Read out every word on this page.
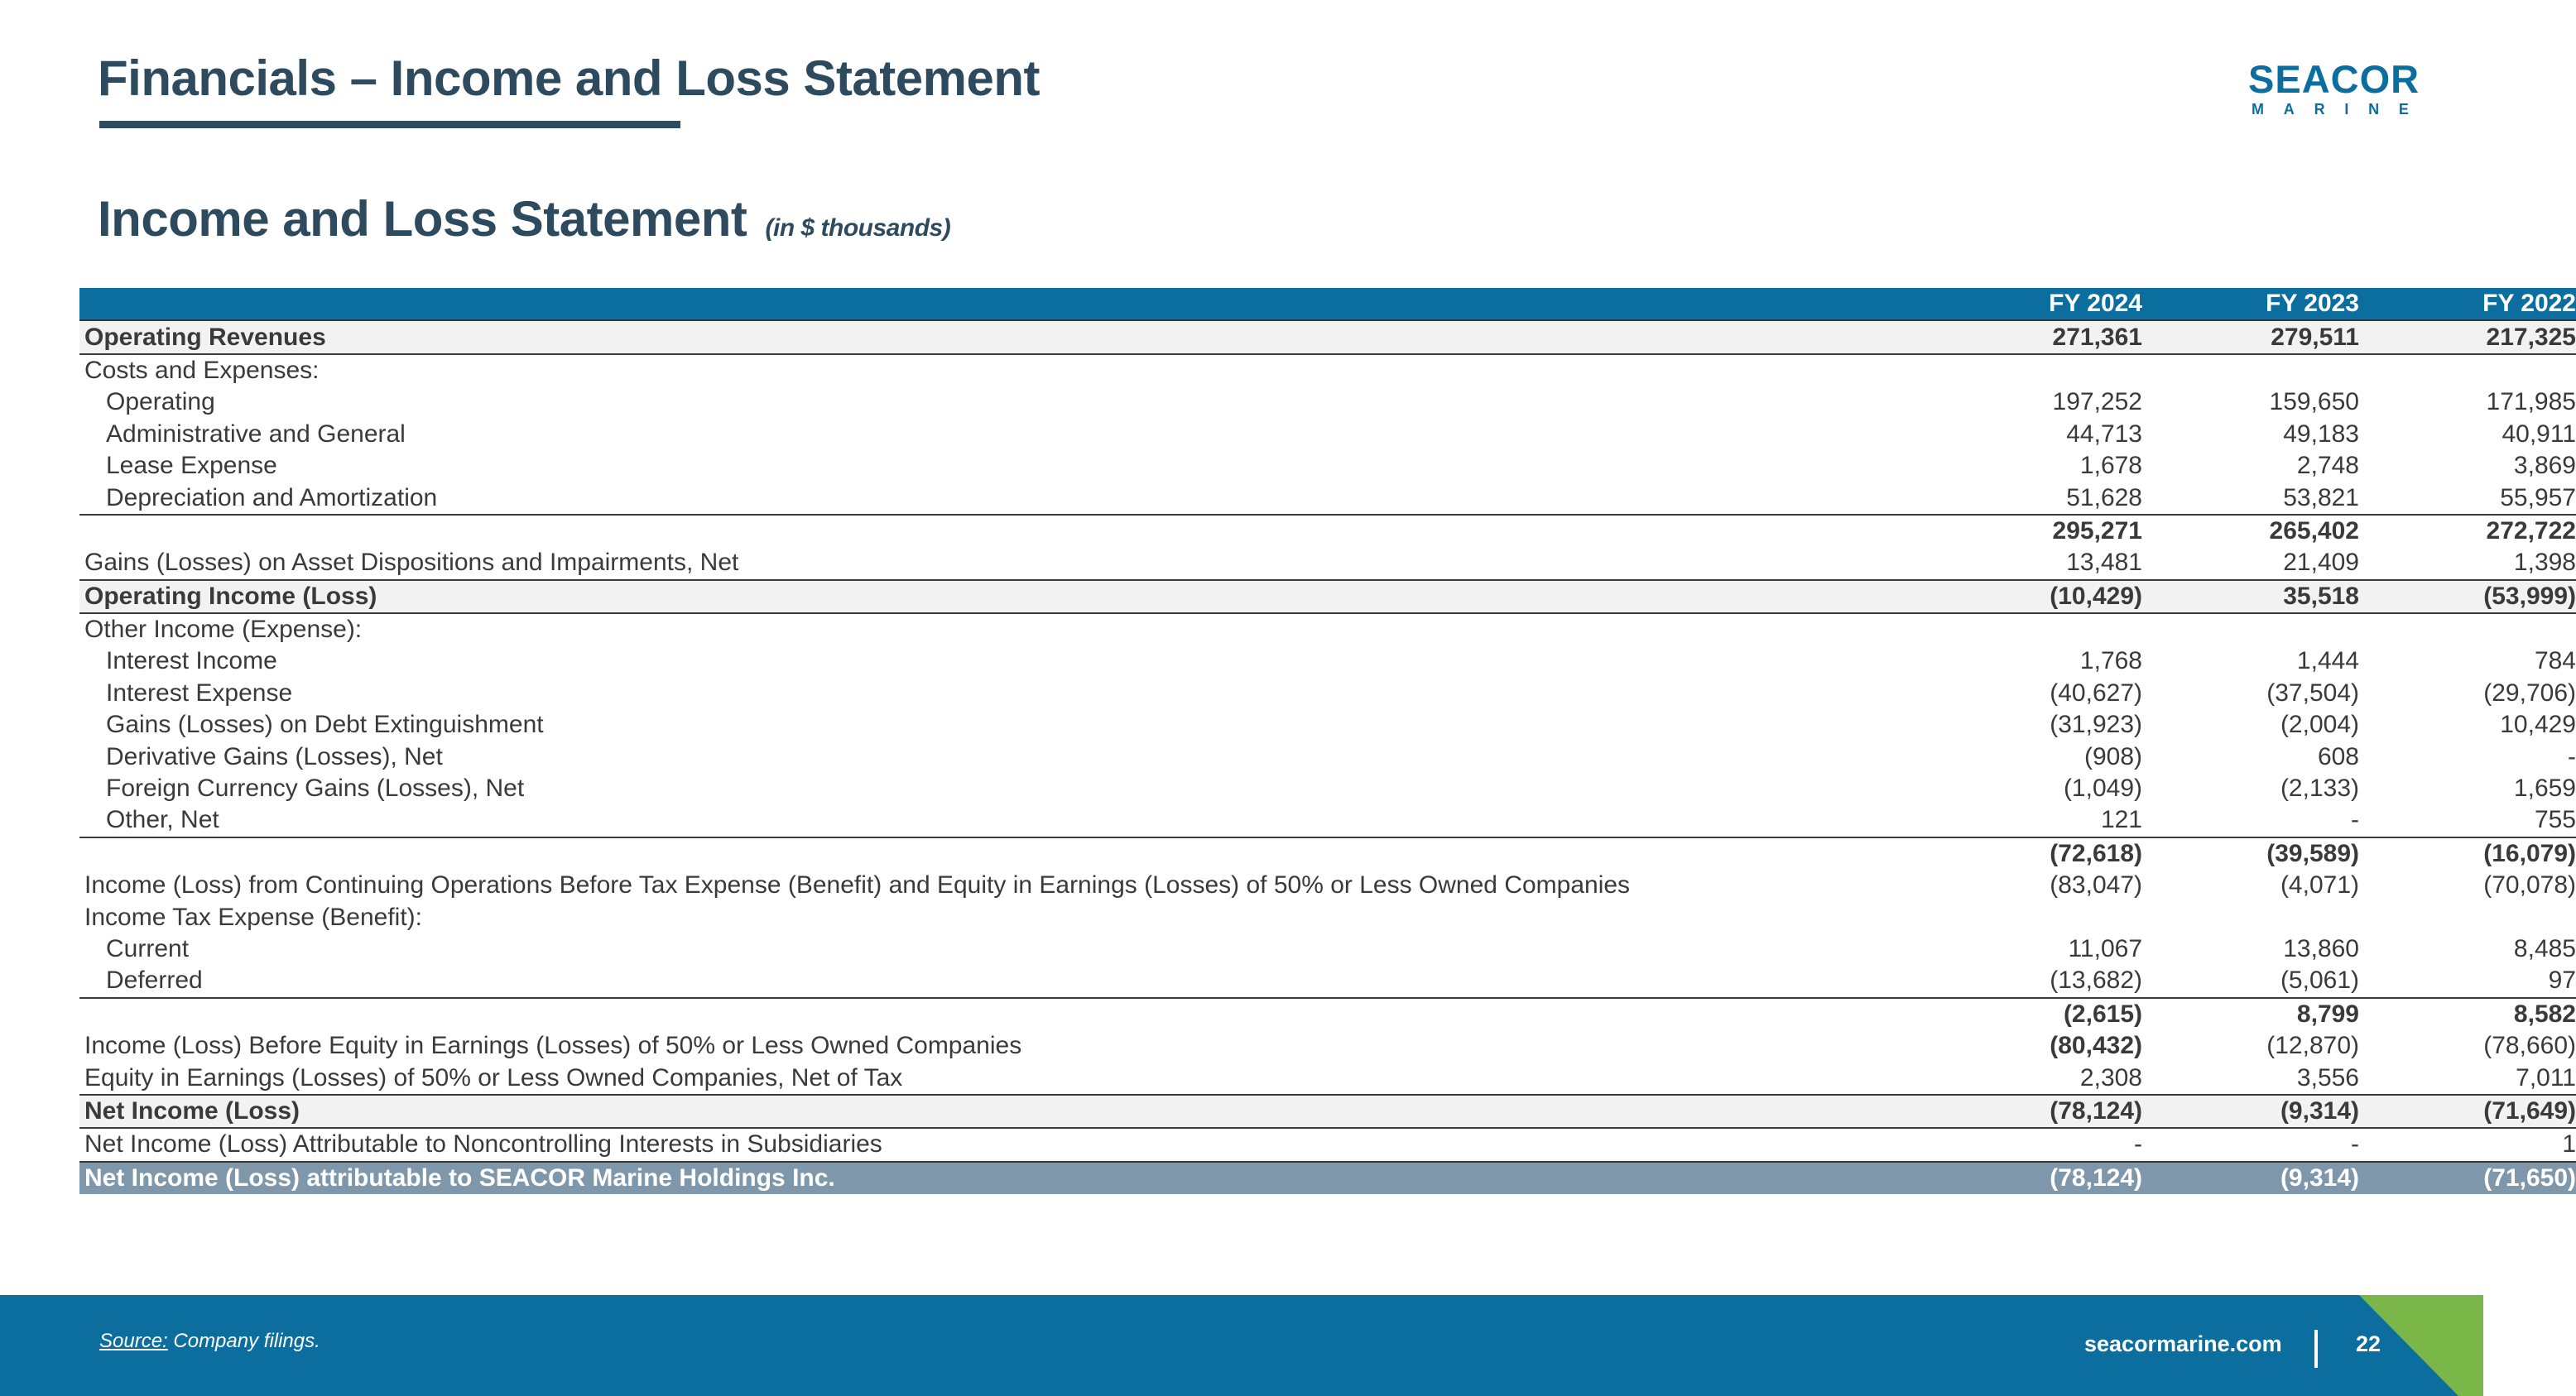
Financials – Income and Loss Statement	SEACOR
M A R I N E
Income and Loss Statement (in $ thousands)
	FY 2024	FY 2023	FY 2022
Operating Revenues	271,361	279,511	217,325
Costs and Expenses:			
Operating	197,252	159,650	171,985
Administrative and General	44,713	49,183	40,911
Lease Expense	1,678	2,748	3,869
Depreciation and Amortization	51,628	53,821	55,957
	295,271	265,402	272,722
Gains (Losses) on Asset Dispositions and Impairments, Net	13,481	21,409	1,398
Operating Income (Loss)	(10,429)	35,518	(53,999)
Other Income (Expense):			
Interest Income	1,768	1,444	784
Interest Expense	(40,627)	(37,504)	(29,706)
Gains (Losses) on Debt Extinguishment	(31,923)	(2,004)	10,429
Derivative Gains (Losses), Net	(908)	608	-
Foreign Currency Gains (Losses), Net	(1,049)	(2,133)	1,659
Other, Net	121	-	755
	(72,618)	(39,589)	(16,079)
Income (Loss) from Continuing Operations Before Tax Expense (Benefit) and Equity in Earnings (Losses) of 50% or Less Owned Companies	(83,047)	(4,071)	(70,078)
Income Tax Expense (Benefit):			
Current	11,067	13,860	8,485
Deferred	(13,682)	(5,061)	97
	(2,615)	8,799	8,582
Income (Loss) Before Equity in Earnings (Losses) of 50% or Less Owned Companies	(80,432)	(12,870)	(78,660)
Equity in Earnings (Losses) of 50% or Less Owned Companies, Net of Tax	2,308	3,556	7,011
Net Income (Loss)	(78,124)	(9,314)	(71,649)
Net Income (Loss) Attributable to Noncontrolling Interests in Subsidiaries	-	-	1
Net Income (Loss) attributable to SEACOR Marine Holdings Inc.	(78,124)	(9,314)	(71,650)
Source: Company filings.	seacormarine.com	22
